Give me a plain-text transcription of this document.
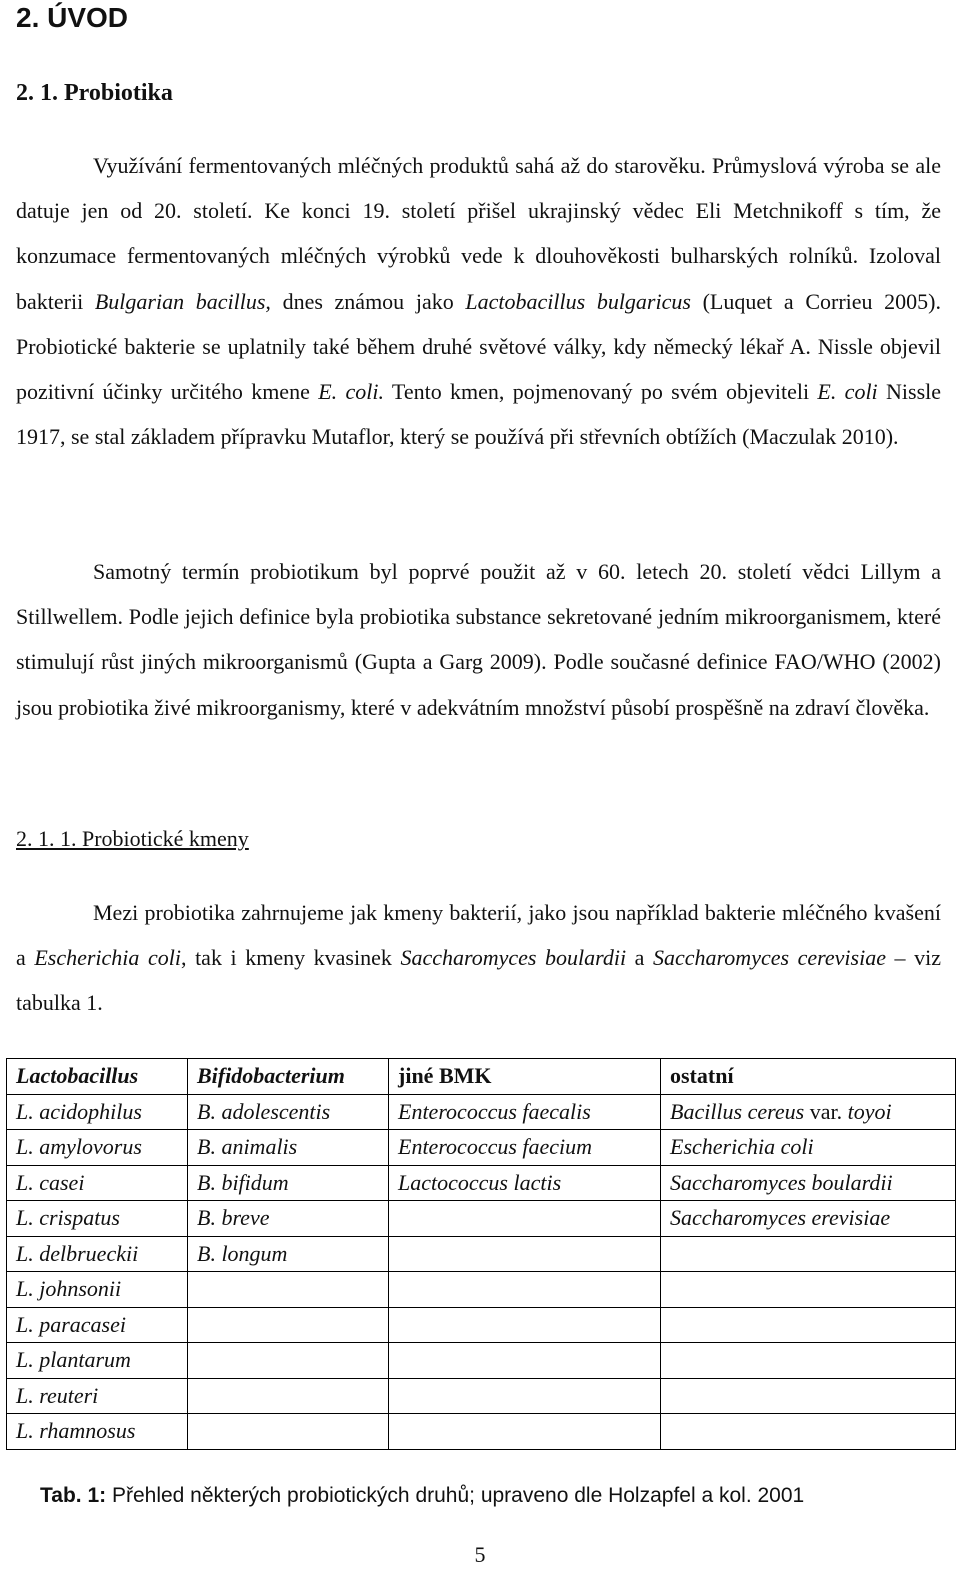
2. ÚVOD
2. 1. Probiotika

Využívání fermentovaných mléčných produktů sahá až do starověku. Průmyslová výroba se ale datuje jen od 20. století. Ke konci 19. století přišel ukrajinský vědec Eli Metchnikoff s tím, že konzumace fermentovaných mléčných výrobků vede k dlouhověkosti bulharských rolníků. Izoloval bakterii Bulgarian bacillus, dnes známou jako Lactobacillus bulgaricus (Luquet a Corrieu 2005). Probiotické bakterie se uplatnily také během druhé světové války, kdy německý lékař A. Nissle objevil pozitivní účinky určitého kmene E. coli. Tento kmen, pojmenovaný po svém objeviteli E. coli Nissle 1917, se stal základem přípravku Mutaflor, který se používá při střevních obtížích (Maczulak 2010).

Samotný termín probiotikum byl poprvé použit až v 60. letech 20. století vědci Lillym a Stillwellem. Podle jejich definice byla probiotika substance sekretované jedním mikroorganismem, které stimulují růst jiných mikroorganismů (Gupta a Garg 2009). Podle současné definice FAO/WHO (2002) jsou probiotika živé mikroorganismy, které v adekvátním množství působí prospěšně na zdraví člověka.

2. 1. 1. Probiotické kmeny

Mezi probiotika zahrnujeme jak kmeny bakterií, jako jsou například bakterie mléčného kvašení a Escherichia coli, tak i kmeny kvasinek Saccharomyces boulardii a Saccharomyces cerevisiae – viz tabulka 1.

Lactobacillus	Bifidobacterium	jiné BMK	ostatní
L. acidophilus	B. adolescentis	Enterococcus faecalis	Bacillus cereus var. toyoi
L. amylovorus	B. animalis	Enterococcus faecium	Escherichia coli
L. casei	B. bifidum	Lactococcus lactis	Saccharomyces boulardii
L. crispatus	B. breve		Saccharomyces erevisiae
L. delbrueckii	B. longum		
L. johnsonii			
L. paracasei			
L. plantarum			
L. reuteri			
L. rhamnosus			

Tab. 1: Přehled některých probiotických druhů; upraveno dle Holzapfel a kol. 2001

5
